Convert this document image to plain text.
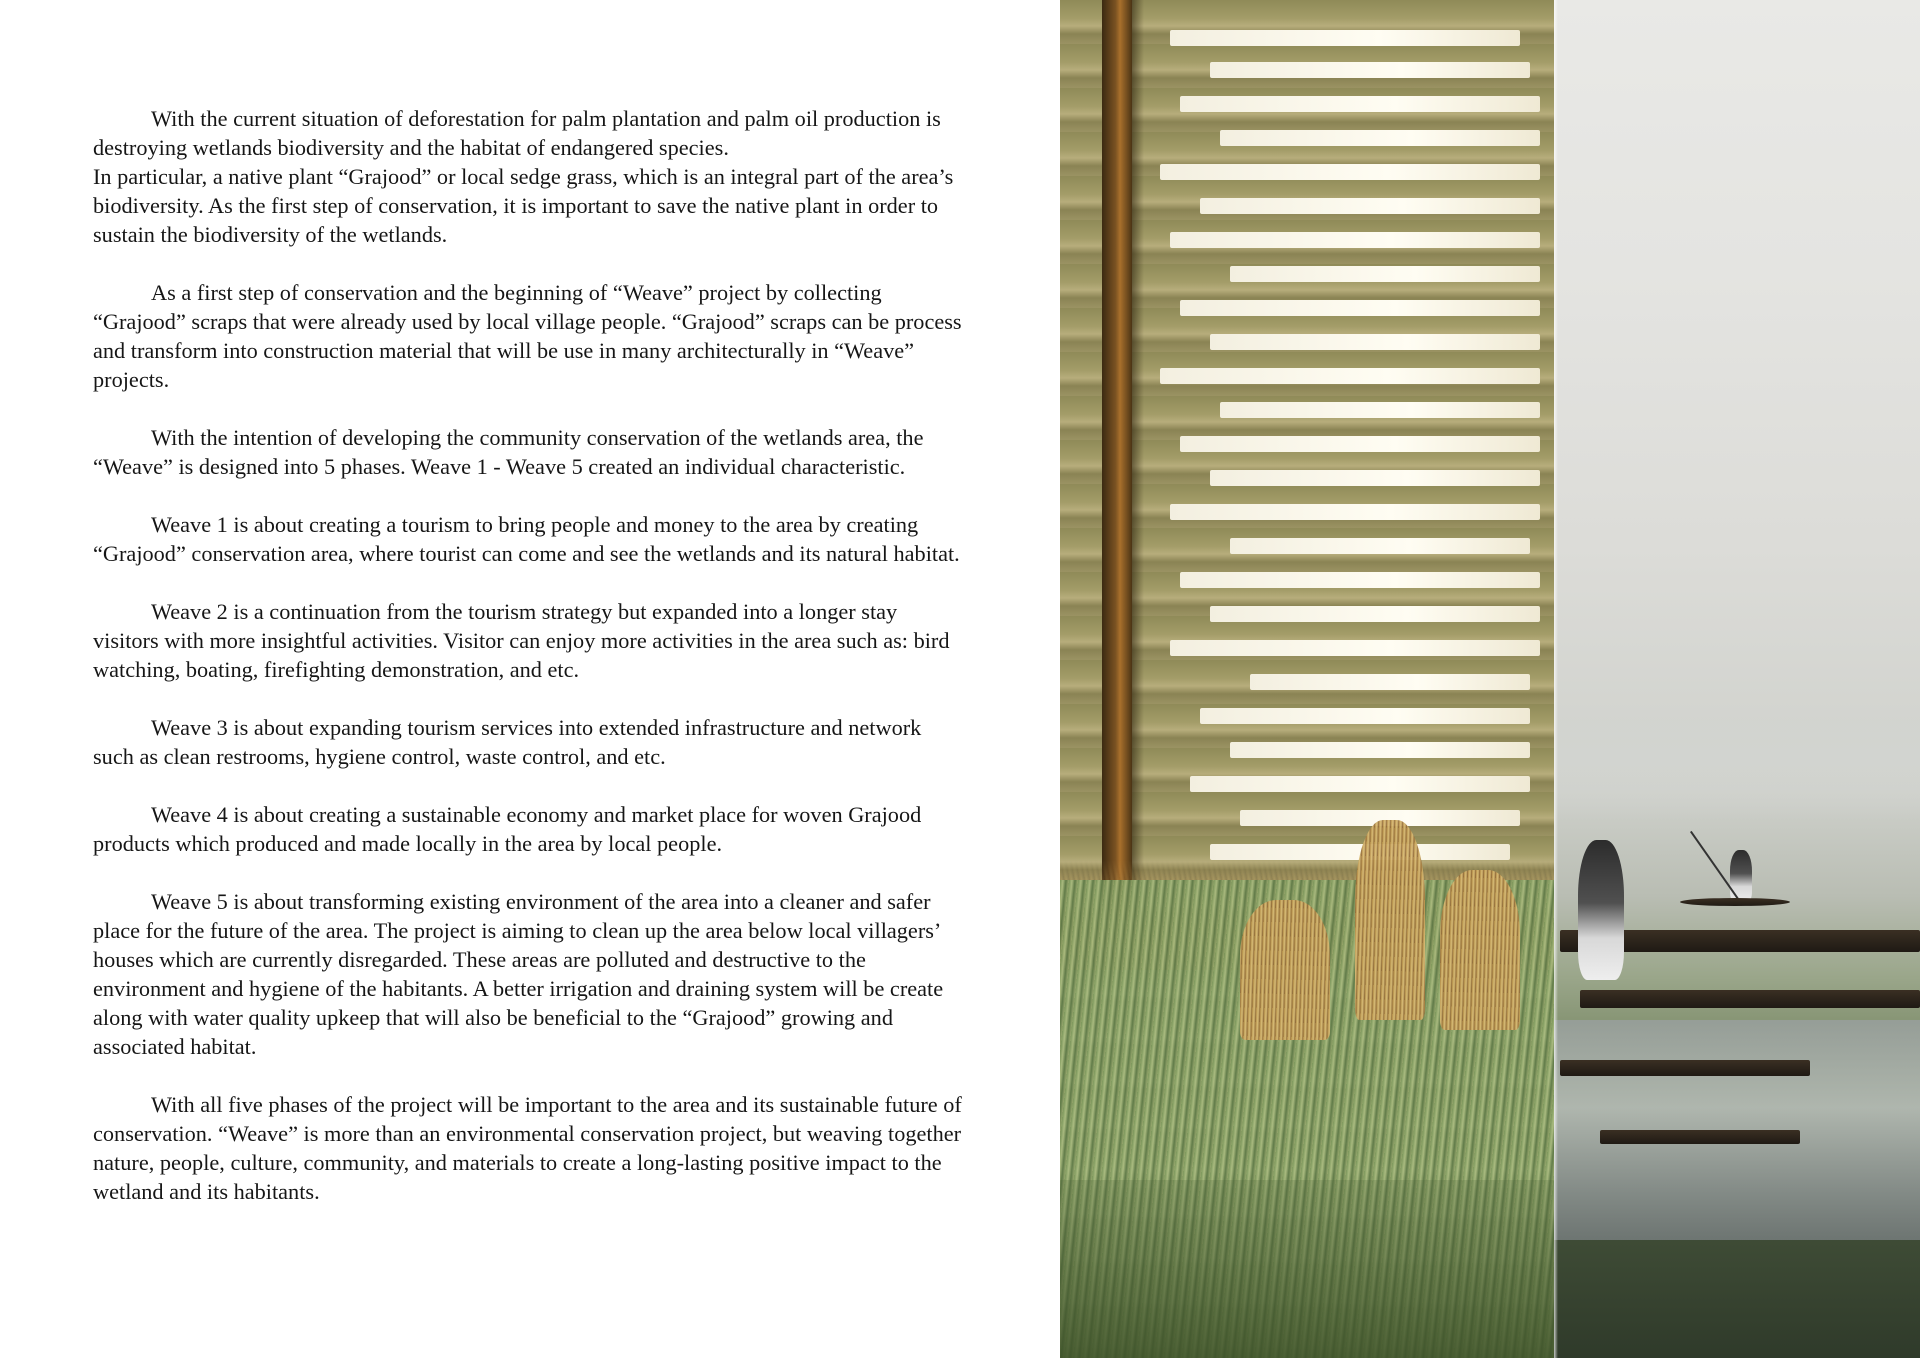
With the current situation of deforestation for palm plantation and palm oil production is destroying wetlands biodiversity and the habitat of endangered species.

In particular, a native plant “Grajood” or local sedge grass, which is an integral part of the area’s biodiversity. As the first step of conservation, it is important to save the native plant in order to sustain the biodiversity of the wetlands.

As a first step of conservation and the beginning of “Weave” project by collecting “Grajood” scraps that were already used by local village people. “Grajood” scraps can be process and transform into construction material that will be use in many architecturally in “Weave” projects.

With the intention of developing the community conservation of the wetlands area, the “Weave” is designed into 5 phases. Weave 1 - Weave 5 created an individual characteristic.

Weave 1 is about creating a tourism to bring people and money to the area by creating “Grajood” conservation area, where tourist can come and see the wetlands and its natural habitat.

Weave 2 is a continuation from the tourism strategy but expanded into a longer stay visitors with more insightful activities. Visitor can enjoy more activities in the area such as: bird watching, boating, firefighting demonstration, and etc.

Weave 3 is about expanding tourism services into extended infrastructure and network such as clean restrooms, hygiene control, waste control, and etc.

Weave 4 is about creating a sustainable economy and market place for woven Grajood products which produced and made locally in the area by local people.

Weave 5 is about transforming existing environment of the area into a cleaner and safer place for the future of the area. The project is aiming to clean up the area below local villagers’ houses which are currently disregarded. These areas are polluted and destructive to the environment and hygiene of the habitants. A better irrigation and draining system will be create along with water quality upkeep that will also be beneficial to the “Grajood” growing and associated habitat.

With all five phases of the project will be important to the area and its sustainable future of conservation. “Weave” is more than an environmental conservation project, but weaving together nature, people, culture, community, and materials to create a long-lasting positive impact to the wetland and its habitants.
